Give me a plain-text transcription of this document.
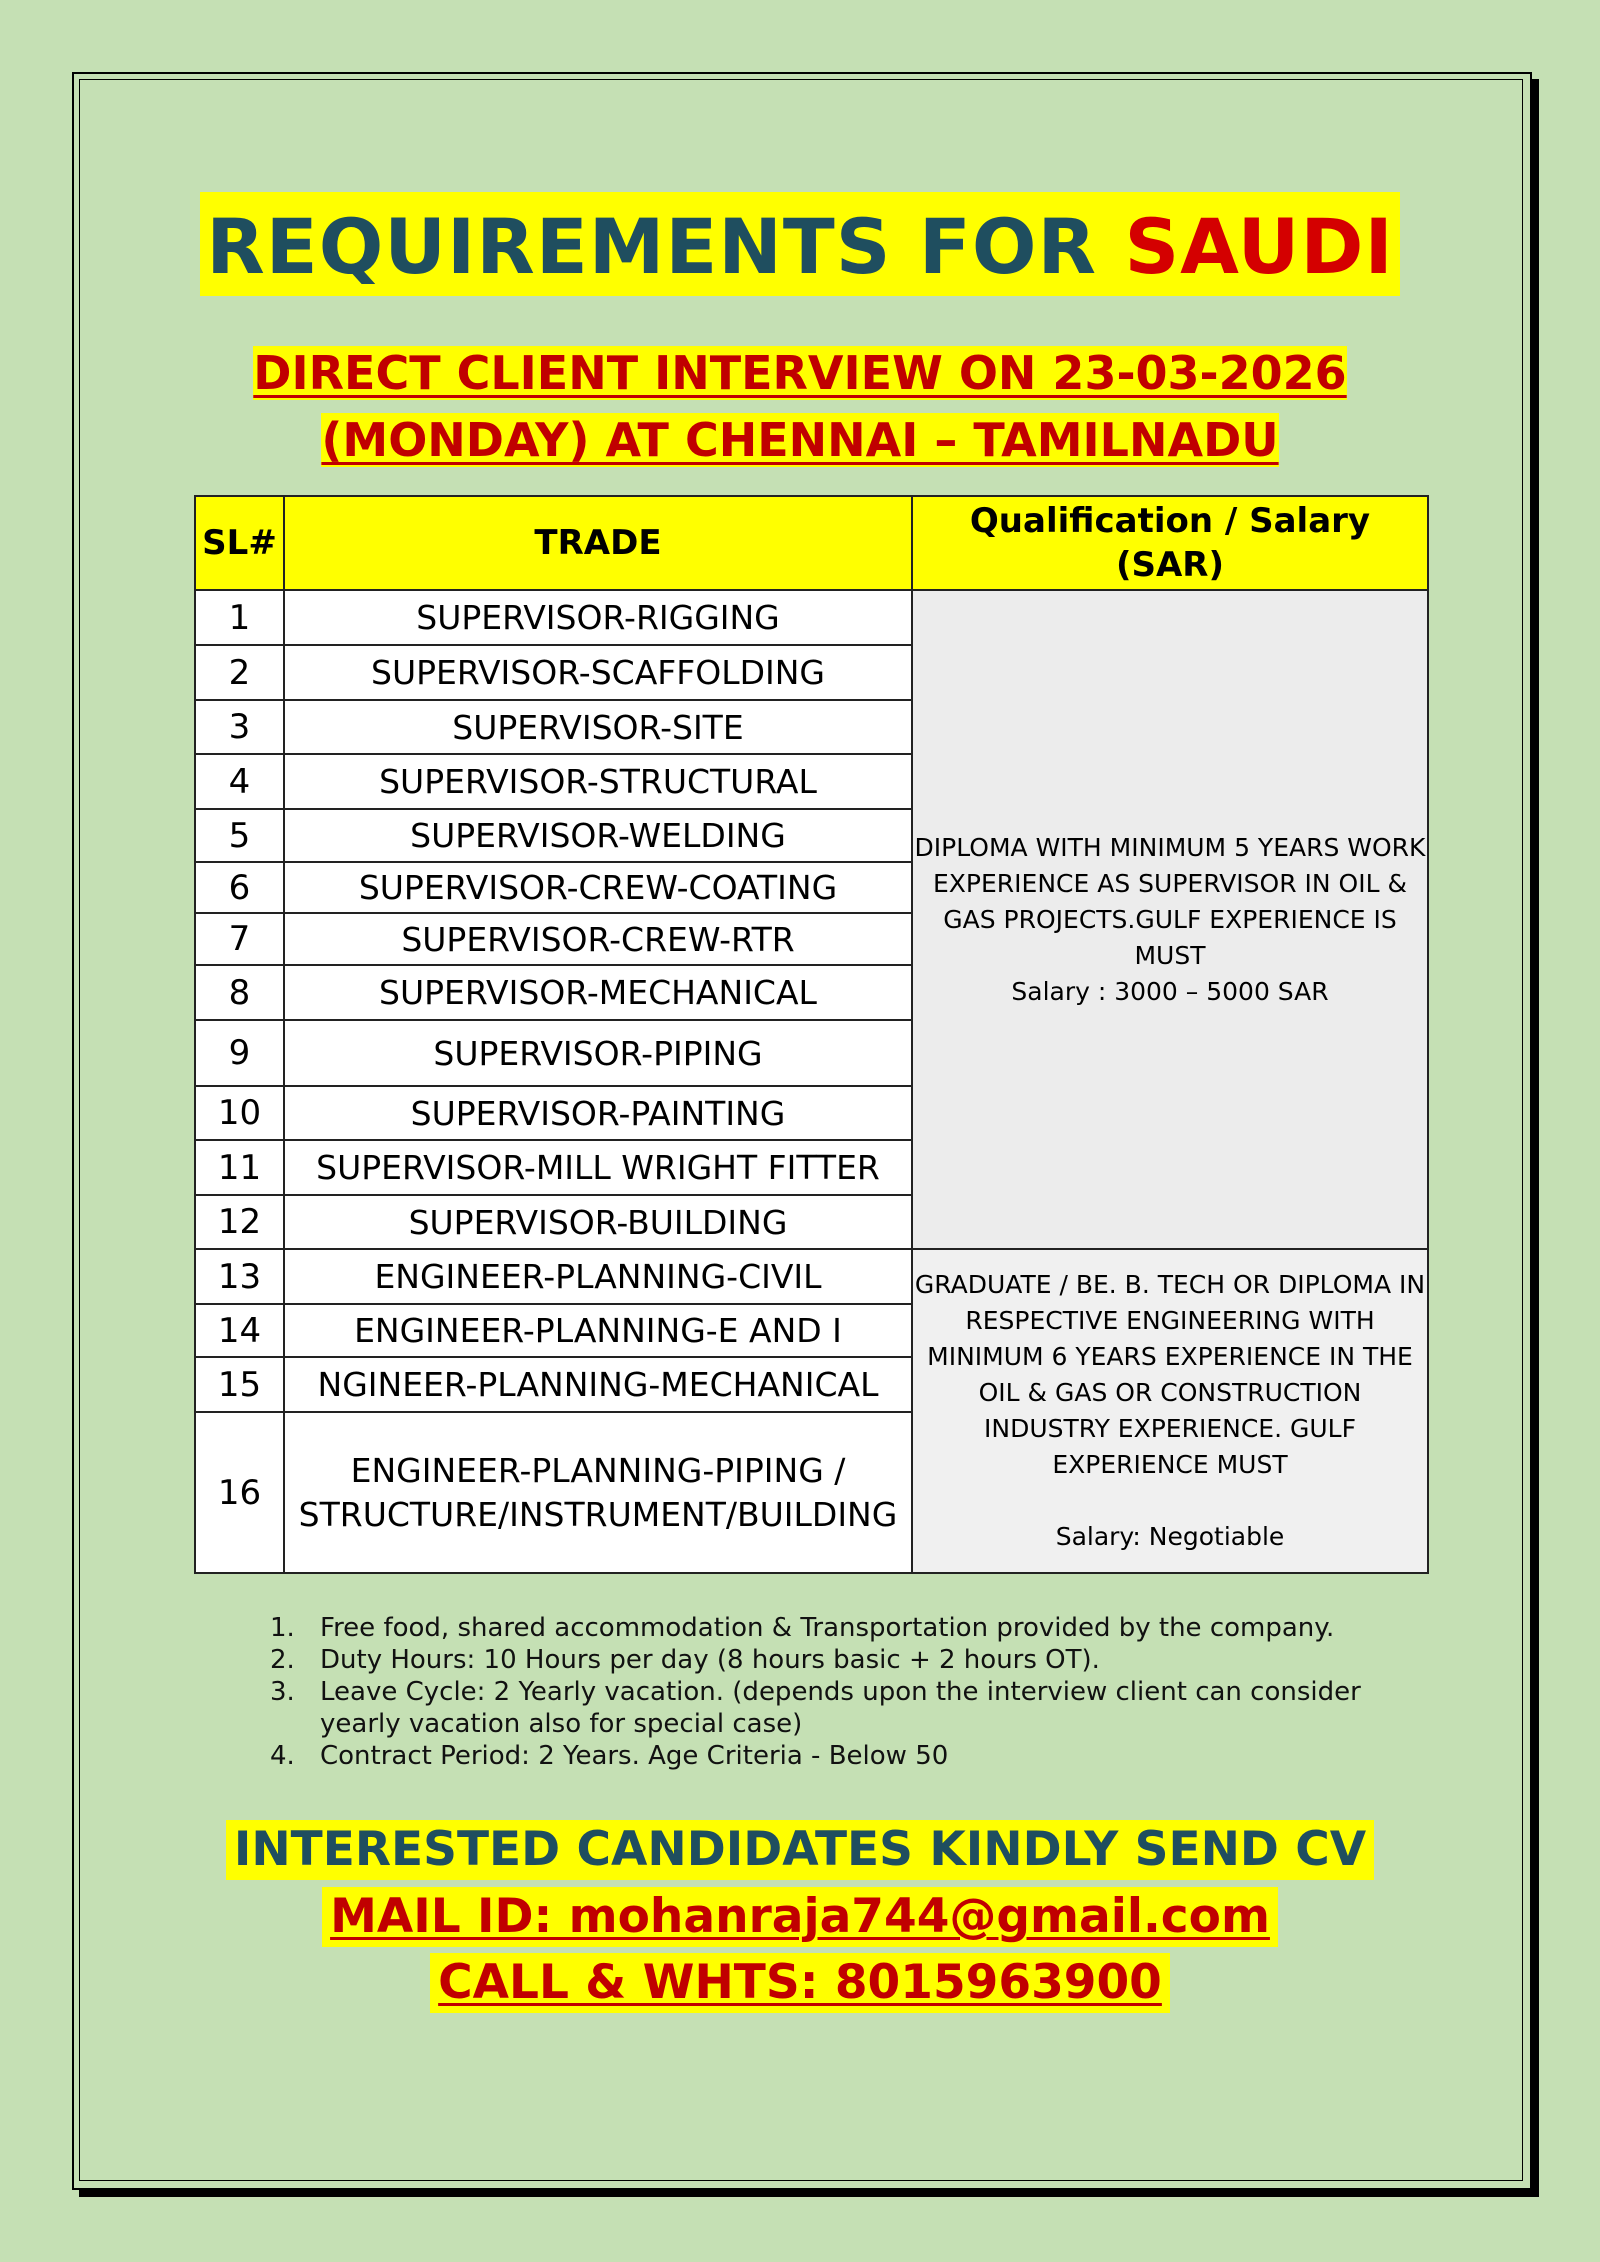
REQUIREMENTS FOR SAUDI
DIRECT CLIENT INTERVIEW ON 23-03-2026
(MONDAY) AT CHENNAI – TAMILNADU
SL#	TRADE	Qualification / Salary (SAR)
1	SUPERVISOR-RIGGING	DIPLOMA WITH MINIMUM 5 YEARS WORK EXPERIENCE AS SUPERVISOR IN OIL & GAS PROJECTS.GULF EXPERIENCE IS MUST
Salary : 3000 – 5000 SAR

2	SUPERVISOR-SCAFFOLDING	
3	SUPERVISOR-SITE	
4	SUPERVISOR-STRUCTURAL	
5	SUPERVISOR-WELDING	
6	SUPERVISOR-CREW-COATING	
7	SUPERVISOR-CREW-RTR	
8	SUPERVISOR-MECHANICAL	
9	SUPERVISOR-PIPING	
10	SUPERVISOR-PAINTING	
11	SUPERVISOR-MILL WRIGHT FITTER	
12	SUPERVISOR-BUILDING	
13	ENGINEER-PLANNING-CIVIL	GRADUATE / BE. B. TECH OR DIPLOMA IN RESPECTIVE ENGINEERING WITH MINIMUM 6 YEARS EXPERIENCE IN THE OIL & GAS OR CONSTRUCTION INDUSTRY EXPERIENCE. GULF EXPERIENCE MUST
Salary: Negotiable

14	ENGINEER-PLANNING-E AND I	
15	NGINEER-PLANNING-MECHANICAL	
16	ENGINEER-PLANNING-PIPING /
STRUCTURE/INSTRUMENT/BUILDING	
1. Free food, shared accommodation & Transportation provided by the company.
2. Duty Hours: 10 Hours per day (8 hours basic + 2 hours OT).
3. Leave Cycle: 2 Yearly vacation. (depends upon the interview client can consider yearly vacation also for special case)
4. Contract Period: 2 Years. Age Criteria - Below 50
INTERESTED CANDIDATES KINDLY SEND CV
MAIL ID: mohanraja744@gmail.com
CALL & WHTS: 8015963900
